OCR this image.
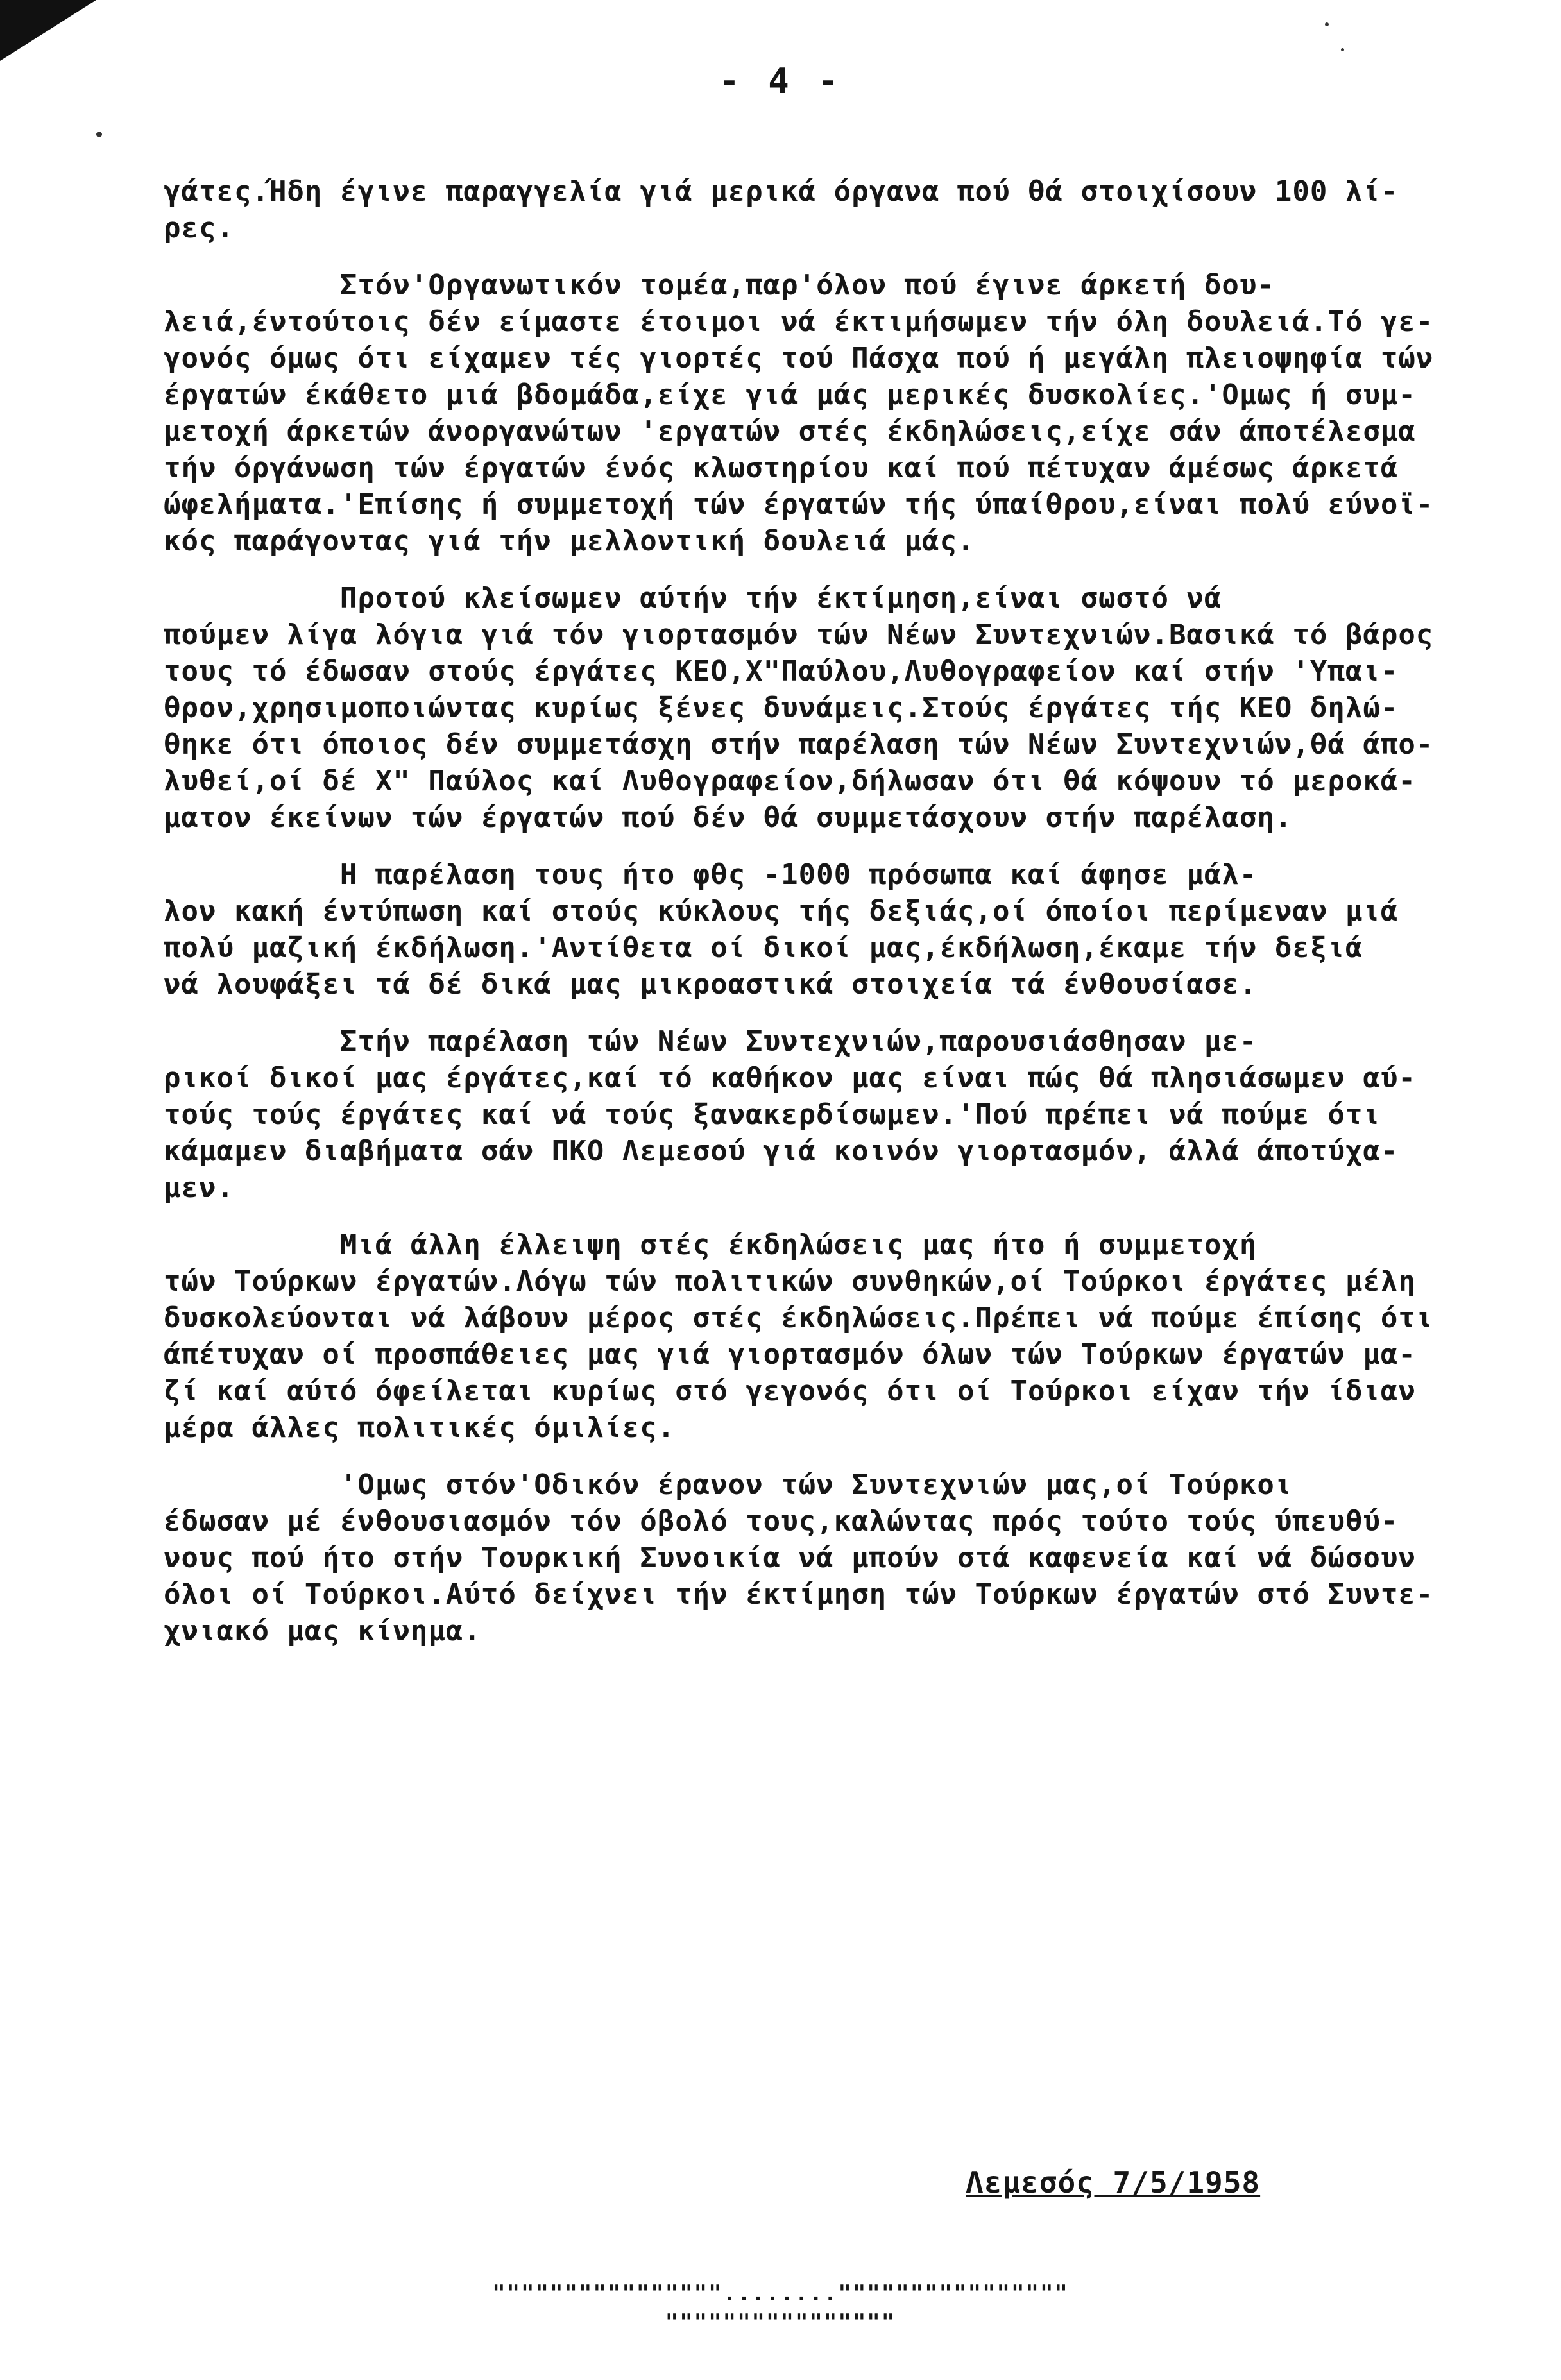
- 4 -
γάτες.Ήδη έγινε παραγγελία γιά μερικά όργανα πού θά στοιχίσουν 100 λί-
ρες.
Στόν'Οργανωτικόν τομέα,παρ'όλον πού έγινε άρκετή δου-
λειά,έντούτοις δέν είμαστε έτοιμοι νά έκτιμήσωμεν τήν όλη δουλειά.Τό γε-
γονός όμως ότι είχαμεν τές γιορτές τού Πάσχα πού ή μεγάλη πλειοψηφία τών
έργατών έκάθετο μιά βδομάδα,είχε γιά μάς μερικές δυσκολίες.'Ομως ή συμ-
μετοχή άρκετών άνοργανώτων 'εργατών στές έκδηλώσεις,είχε σάν άποτέλεσμα
τήν όργάνωση τών έργατών ένός κλωστηρίου καί πού πέτυχαν άμέσως άρκετά
ώφελήματα.'Επίσης ή συμμετοχή τών έργατών τής ύπαίθρου,είναι πολύ εύνοϊ-
κός παράγοντας γιά τήν μελλοντική δουλειά μάς.
Προτού κλείσωμεν αύτήν τήν έκτίμηση,είναι σωστό νά
πούμεν λίγα λόγια γιά τόν γιορτασμόν τών Νέων Συντεχνιών.Βασικά τό βάρος
τους τό έδωσαν στούς έργάτες ΚΕΟ,Χ"Παύλου,Λυθογραφείον καί στήν 'Υπαι-
θρον,χρησιμοποιώντας κυρίως ξένες δυνάμεις.Στούς έργάτες τής ΚΕΟ δηλώ-
θηκε ότι όποιος δέν συμμετάσχη στήν παρέλαση τών Νέων Συντεχνιών,θά άπο-
λυθεί,οί δέ Χ" Παύλος καί Λυθογραφείον,δήλωσαν ότι θά κόψουν τό μεροκά-
ματον έκείνων τών έργατών πού δέν θά συμμετάσχουν στήν παρέλαση.
Η παρέλαση τους ήτο φθς -1000 πρόσωπα καί άφησε μάλ-
λον κακή έντύπωση καί στούς κύκλους τής δεξιάς,οί όποίοι περίμεναν μιά
πολύ μαζική έκδήλωση.'Αντίθετα οί δικοί μας,έκδήλωση,έκαμε τήν δεξιά
νά λουφάξει τά δέ δικά μας μικροαστικά στοιχεία τά ένθουσίασε.
Στήν παρέλαση τών Νέων Συντεχνιών,παρουσιάσθησαν με-
ρικοί δικοί μας έργάτες,καί τό καθήκον μας είναι πώς θά πλησιάσωμεν αύ-
τούς τούς έργάτες καί νά τούς ξανακερδίσωμεν.'Πού πρέπει νά πούμε ότι
κάμαμεν διαβήματα σάν ΠΚΟ Λεμεσού γιά κοινόν γιορτασμόν, άλλά άποτύχα-
μεν.
Μιά άλλη έλλειψη στές έκδηλώσεις μας ήτο ή συμμετοχή
τών Τούρκων έργατών.Λόγω τών πολιτικών συνθηκών,οί Τούρκοι έργάτες μέλη
δυσκολεύονται νά λάβουν μέρος στές έκδηλώσεις.Πρέπει νά πούμε έπίσης ότι
άπέτυχαν οί προσπάθειες μας γιά γιορτασμόν όλων τών Τούρκων έργατών μα-
ζί καί αύτό όφείλεται κυρίως στό γεγονός ότι οί Τούρκοι είχαν τήν ίδιαν
μέρα άλλες πολιτικές όμιλίες.
'Ομως στόν'Οδικόν έρανον τών Συντεχνιών μας,οί Τούρκοι
έδωσαν μέ ένθουσιασμόν τόν όβολό τους,καλώντας πρός τούτο τούς ύπευθύ-
νους πού ήτο στήν Τουρκική Συνοικία νά μπούν στά καφενεία καί νά δώσουν
όλοι οί Τούρκοι.Αύτό δείχνει τήν έκτίμηση τών Τούρκων έργατών στό Συντε-
χνιακό μας κίνημα.
Λεμεσός 7/5/1958
""""""""""""""""........""""""""""""""""
""""""""""""""""
